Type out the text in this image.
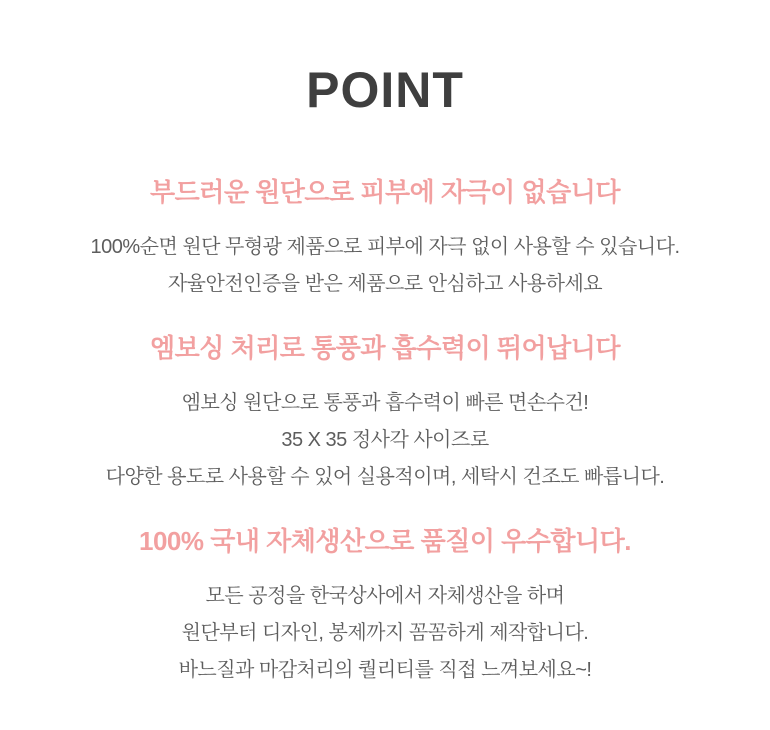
POINT
부드러운 원단으로 피부에 자극이 없습니다

100%순면 원단 무형광 제품으로 피부에 자극 없이 사용할 수 있습니다.
자율안전인증을 받은 제품으로 안심하고 사용하세요

엠보싱 처리로 통풍과 흡수력이 뛰어납니다

엠보싱 원단으로 통풍과 흡수력이 빠른 면손수건!
35 X 35 정사각 사이즈로
다양한 용도로 사용할 수 있어 실용적이며, 세탁시 건조도 빠릅니다.

100% 국내 자체생산으로 품질이 우수합니다.

모든 공정을 한국상사에서 자체생산을 하며
원단부터 디자인, 봉제까지 꼼꼼하게 제작합니다.
바느질과 마감처리의 퀄리티를 직접 느껴보세요~!
